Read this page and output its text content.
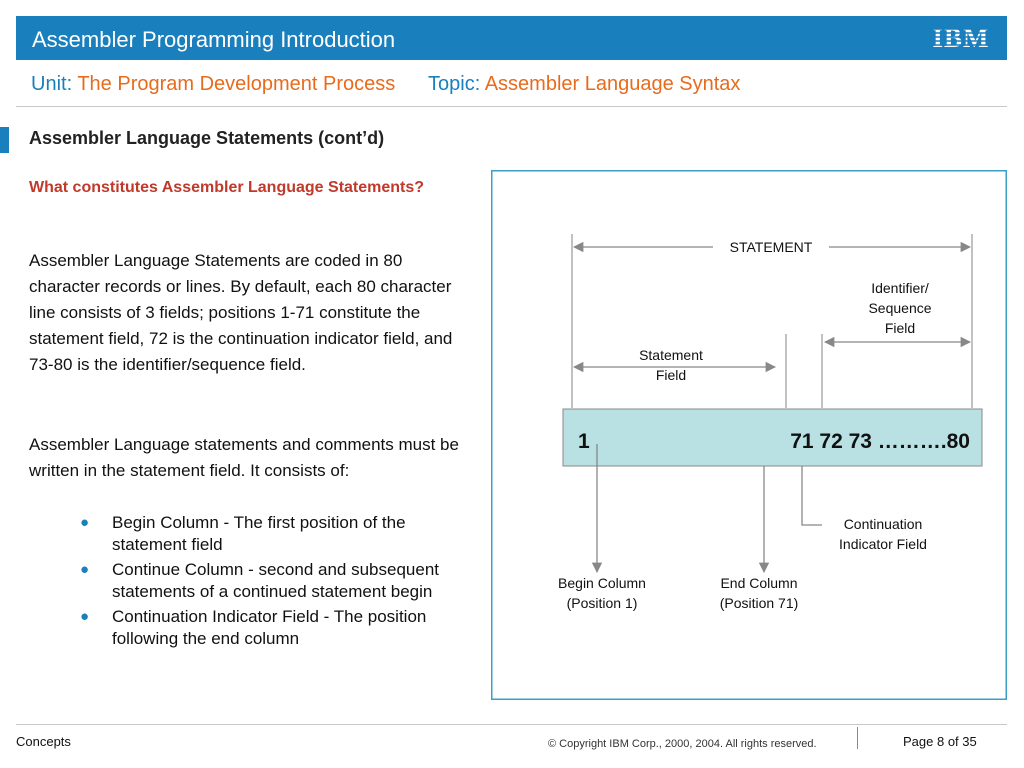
Assembler Programming Introduction	IBM
Unit: The Program Development Process Topic: Assembler Language Syntax
Assembler Language Statements (cont’d)
What constitutes Assembler Language Statements?
Assembler Language Statements are coded in 80 character records or lines. By default, each 80 character line consists of 3 fields; positions 1-71 constitute the statement field, 72 is the continuation indicator field, and 73-80 is the identifier/sequence field.
Assembler Language statements and comments must be written in the statement field. It consists of:
● Begin Column - The first position of the statement field
● Continue Column - second and subsequent statements of a continued statement begin
● Continuation Indicator Field - The position following the end column
STATEMENT
Identifier/
Sequence
Field
Statement
Field
1	71 72 73 ……….80
Continuation
Indicator Field
Begin Column
(Position 1)
End Column
(Position 71)
Concepts	© Copyright IBM Corp., 2000, 2004. All rights reserved.	Page 8 of 35
